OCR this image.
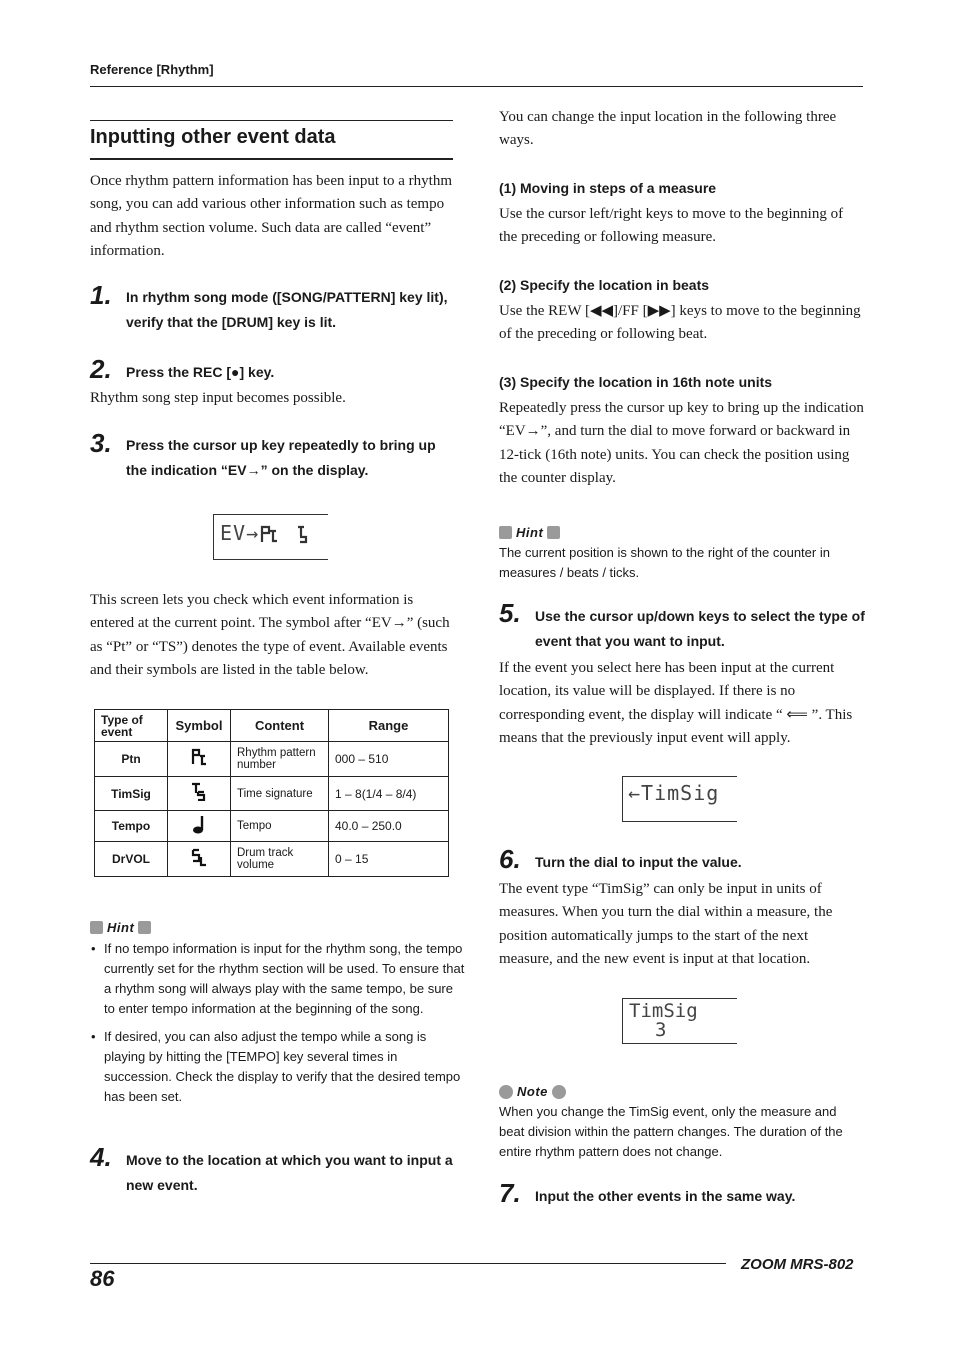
Reference [Rhythm]
Inputting other event data
Once rhythm pattern information has been input to a rhythm song, you can add various other information such as tempo and rhythm section volume. Such data are called “event” information.
1. In rhythm song mode ([SONG/PATTERN] key lit), verify that the [DRUM] key is lit.
2. Press the REC [●] key.
Rhythm song step input becomes possible.
3. Press the cursor up key repeatedly to bring up the indication “EV→” on the display.
EV→
This screen lets you check which event information is entered at the current point. The symbol after “EV→” (such as “Pt” or “TS”) denotes the type of event. Available events and their symbols are listed in the table below.
Type of event	Symbol	Content	Range
Ptn		Rhythm pattern number	000 – 510
TimSig		Time signature	1 – 8(1/4 – 8/4)
Tempo		Tempo	40.0 – 250.0
DrVOL		Drum track volume	0 – 15
Hint
• If no tempo information is input for the rhythm song, the tempo currently set for the rhythm section will be used. To ensure that a rhythm song will always play with the same tempo, be sure to enter tempo information at the beginning of the song.
• If desired, you can also adjust the tempo while a song is playing by hitting the [TEMPO] key several times in succession. Check the display to verify that the desired tempo has been set.
4. Move to the location at which you want to input a new event.
You can change the input location in the following three ways.
(1) Moving in steps of a measure
Use the cursor left/right keys to move to the beginning of the preceding or following measure.
(2) Specify the location in beats
Use the REW [◀◀]/FF [▶▶] keys to move to the beginning of the preceding or following beat.
(3) Specify the location in 16th note units
Repeatedly press the cursor up key to bring up the indication “EV→”, and turn the dial to move forward or backward in 12-tick (16th note) units. You can check the position using the counter display.
Hint
The current position is shown to the right of the counter in measures / beats / ticks.
5. Use the cursor up/down keys to select the type of event that you want to input.
If the event you select here has been input at the current location, its value will be displayed. If there is no corresponding event, the display will indicate “ ⟸ ”. This means that the previously input event will apply.
←TimSig
6. Turn the dial to input the value.
The event type “TimSig” can only be input in units of measures. When you turn the dial within a measure, the position automatically jumps to the start of the next measure, and the new event is input at that location.
TimSig
3
Note
When you change the TimSig event, only the measure and beat division within the pattern changes. The duration of the entire rhythm pattern does not change.
7. Input the other events in the same way.
86
ZOOM MRS-802
